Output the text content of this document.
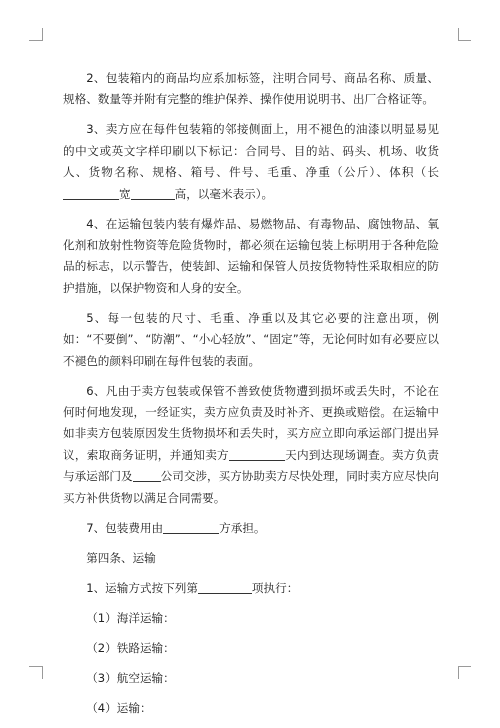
2、包装箱内的商品均应系加标签，注明合同号、商品名称、质量、规格、数量等并附有完整的维护保养、操作使用说明书、出厂合格证等。

3、卖方应在每件包装箱的邻接侧面上，用不褪色的油漆以明显易见的中文或英文字样印刷以下标记：合同号、目的站、码头、机场、收货人、货物名称、规格、箱号、件号、毛重、净重（公斤）、体积（长宽	高，以毫米表示）。

4、在运输包装内装有爆炸品、易燃物品、有毒物品、腐蚀物品、氧化剂和放射性物资等危险货物时，都必须在运输包装上标明用于各种危险品的标志，以示警告，使装卸、运输和保管人员按货物特性采取相应的防护措施，以保护物资和人身的安全。

5、每一包装的尺寸、毛重、净重以及其它必要的注意出项，例如：“不要倒”、“防潮”、“小心轻放”、“固定”等，无论何时如有必要应以不褪色的颜料印刷在每件包装的表面。

6、凡由于卖方包装或保管不善致使货物遭到损坏或丢失时，不论在何时何地发现，一经证实，卖方应负责及时补齐、更换或赔偿。在运输中如非卖方包装原因发生货物损坏和丢失时，买方应立即向承运部门提出异议，索取商务证明，并通知卖方	天内到达现场调查。卖方负责与承运部门及 公司交涉，买方协助卖方尽快处理，同时卖方应尽快向买方补供货物以满足合同需要。

7、包装费用由	方承担。

第四条、运输

1、运输方式按下列第	项执行：

（1）海洋运输：

（2）铁路运输：

（3）航空运输：

（4）运输：
